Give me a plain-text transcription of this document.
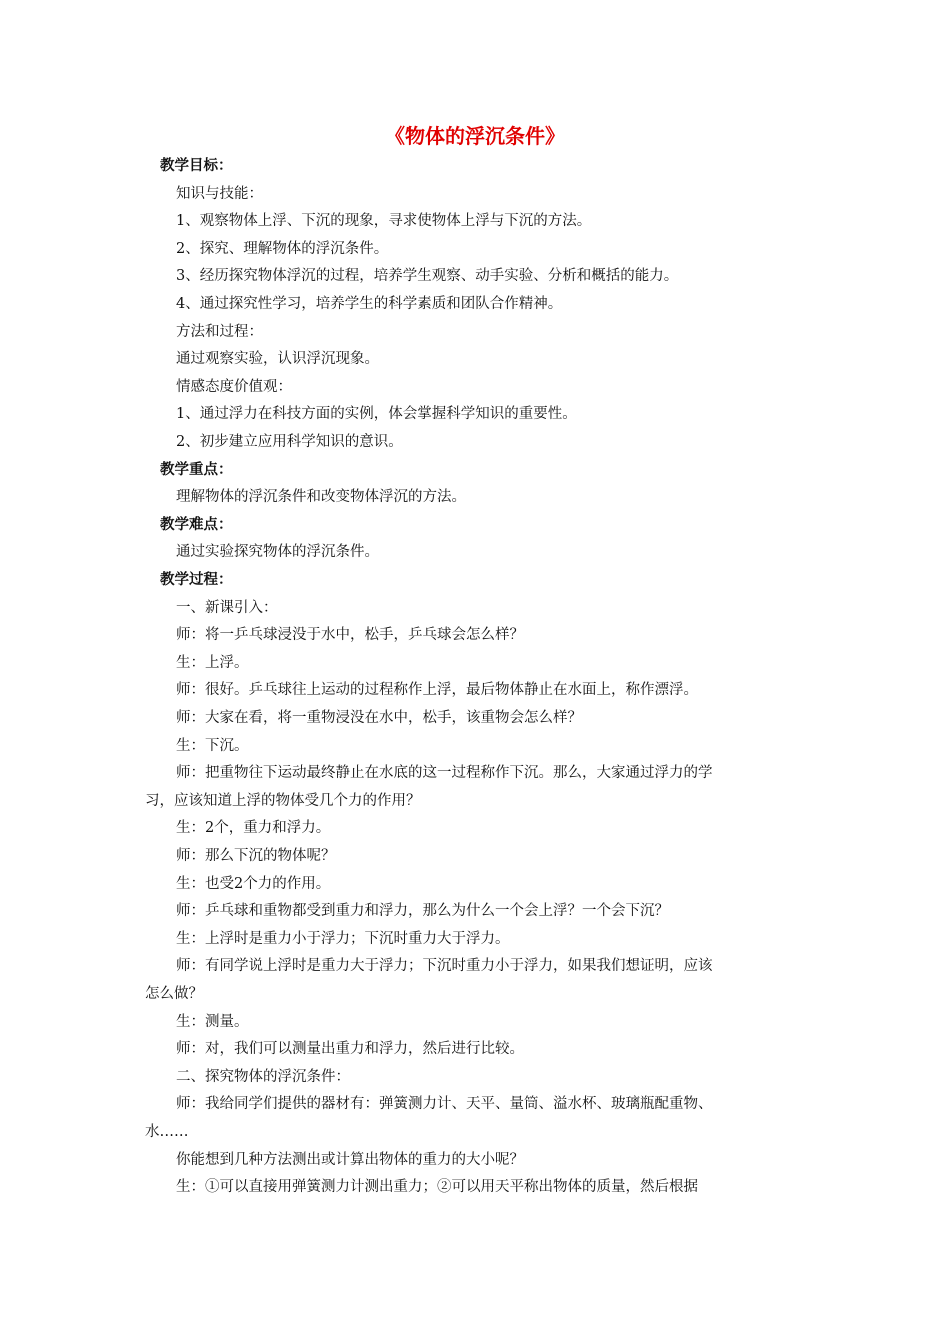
《物体的浮沉条件》
教学目标：
知识与技能：
1、观察物体上浮、下沉的现象，寻求使物体上浮与下沉的方法。
2、探究、理解物体的浮沉条件。
3、经历探究物体浮沉的过程，培养学生观察、动手实验、分析和概括的能力。
4、通过探究性学习，培养学生的科学素质和团队合作精神。
方法和过程：
通过观察实验，认识浮沉现象。
情感态度价值观：
1、通过浮力在科技方面的实例，体会掌握科学知识的重要性。
2、初步建立应用科学知识的意识。
教学重点：
理解物体的浮沉条件和改变物体浮沉的方法。
教学难点：
通过实验探究物体的浮沉条件。
教学过程：
一、新课引入：
师：将一乒乓球浸没于水中，松手，乒乓球会怎么样？
生：上浮。
师：很好。乒乓球往上运动的过程称作上浮，最后物体静止在水面上，称作漂浮。
师：大家在看，将一重物浸没在水中，松手，该重物会怎么样？
生：下沉。
师：把重物往下运动最终静止在水底的这一过程称作下沉。那么，大家通过浮力的学
习，应该知道上浮的物体受几个力的作用？
生：2个，重力和浮力。
师：那么下沉的物体呢？
生：也受2个力的作用。
师：乒乓球和重物都受到重力和浮力，那么为什么一个会上浮？一个会下沉？
生：上浮时是重力小于浮力；下沉时重力大于浮力。
师：有同学说上浮时是重力大于浮力；下沉时重力小于浮力，如果我们想证明，应该
怎么做？
生：测量。
师：对，我们可以测量出重力和浮力，然后进行比较。
二、探究物体的浮沉条件：
师：我给同学们提供的器材有：弹簧测力计、天平、量筒、溢水杯、玻璃瓶配重物、
水……
你能想到几种方法测出或计算出物体的重力的大小呢？
生：①可以直接用弹簧测力计测出重力；②可以用天平称出物体的质量，然后根据
